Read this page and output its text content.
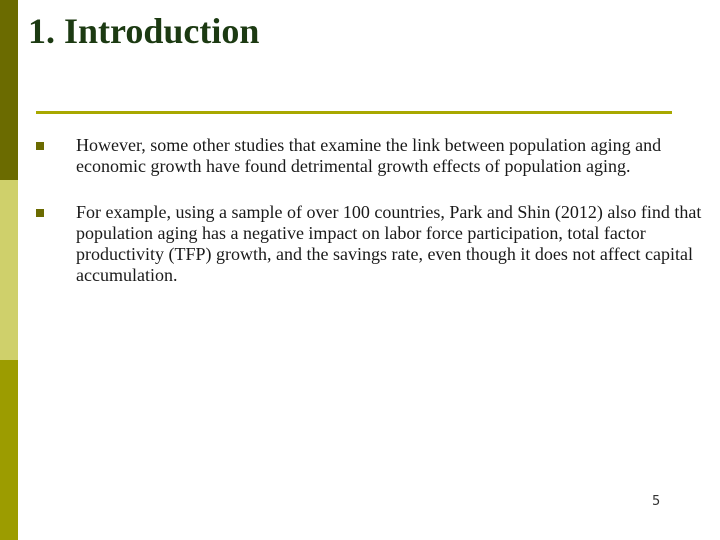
1. Introduction
However, some other studies that examine the link between population aging and economic growth have found detrimental growth effects of population aging.
For example, using a sample of over 100 countries, Park and Shin (2012) also find that population aging has a negative impact on labor force participation, total factor productivity (TFP) growth, and the savings rate, even though it does not affect capital accumulation.
5
